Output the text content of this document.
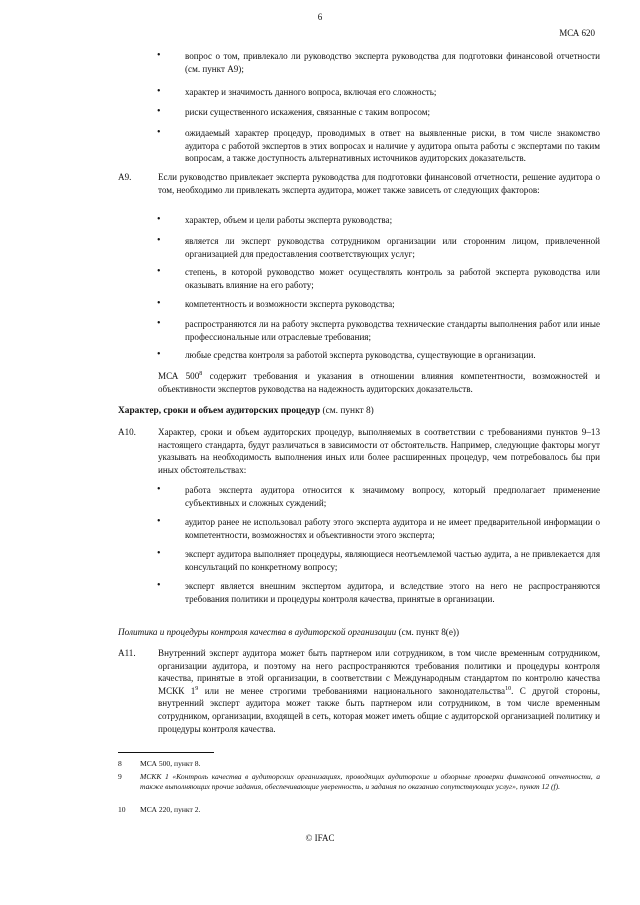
6
МСА 620
•	вопрос о том, привлекало ли руководство эксперта руководства для подготовки финансовой отчетности (см. пункт A9);
•	характер и значимость данного вопроса, включая его сложность;
•	риски существенного искажения, связанные с таким вопросом;
•	ожидаемый характер процедур, проводимых в ответ на выявленные риски, в том числе знакомство аудитора с работой экспертов в этих вопросах и наличие у аудитора опыта работы с экспертами по таким вопросам, а также доступность альтернативных источников аудиторских доказательств.
A9.	Если руководство привлекает эксперта руководства для подготовки финансовой отчетности, решение аудитора о том, необходимо ли привлекать эксперта аудитора, может также зависеть от следующих факторов:
•	характер, объем и цели работы эксперта руководства;
•	является ли эксперт руководства сотрудником организации или сторонним лицом, привлеченной организацией для предоставления соответствующих услуг;
•	степень, в которой руководство может осуществлять контроль за работой эксперта руководства или оказывать влияние на его работу;
•	компетентность и возможности эксперта руководства;
•	распространяются ли на работу эксперта руководства технические стандарты выполнения работ или иные профессиональные или отраслевые требования;
•	любые средства контроля за работой эксперта руководства, существующие в организации.
МСА $500^8$ содержит требования и указания в отношении влияния компетентности, возможностей и объективности экспертов руководства на надежность аудиторских доказательств.
Характер, сроки и объем аудиторских процедур (см. пункт 8)
A10. Характер, сроки и объем аудиторских процедур, выполняемых в соответствии с требованиями пунктов 9–13 настоящего стандарта, будут различаться в зависимости от обстоятельств. Например, следующие факторы могут указывать на необходимость выполнения иных или более расширенных процедур, чем потребовалось бы при иных обстоятельствах:
•	работа эксперта аудитора относится к значимому вопросу, который предполагает применение субъективных и сложных суждений;
•	аудитор ранее не использовал работу этого эксперта аудитора и не имеет предварительной информации о компетентности, возможностях и объективности этого эксперта;
•	эксперт аудитора выполняет процедуры, являющиеся неотъемлемой частью аудита, а не привлекается для консультаций по конкретному вопросу;
•	эксперт является внешним экспертом аудитора, и вследствие этого на него не распространяются требования политики и процедуры контроля качества, принятые в организации.
Политика и процедуры контроля качества в аудиторской организации (см. пункт 8(e))
A11. Внутренний эксперт аудитора может быть партнером или сотрудником, в том числе временным сотрудником, организации аудитора, и поэтому на него распространяются требования политики и процедуры контроля качества, принятые в этой организации, в соответствии с Международным стандартом по контролю качества МСКК $1^9$ или не менее строгими требованиями национального законодательства$^{10}$. С другой стороны, внутренний эксперт аудитора может также быть партнером или сотрудником, в том числе временным сотрудником, организации, входящей в сеть, которая может иметь общие с аудиторской организацией политику и процедуры контроля качества.
8 МСА 500, пункт 8.
9 МСКК 1 «Контроль качества в аудиторских организациях, проводящих аудиторские и обзорные проверки финансовой отчетности, а также выполняющих прочие задания, обеспечивающие уверенность, и задания по оказанию сопутствующих услуг», пункт 12 (f).
10 МСА 220, пункт 2.
© IFAC
